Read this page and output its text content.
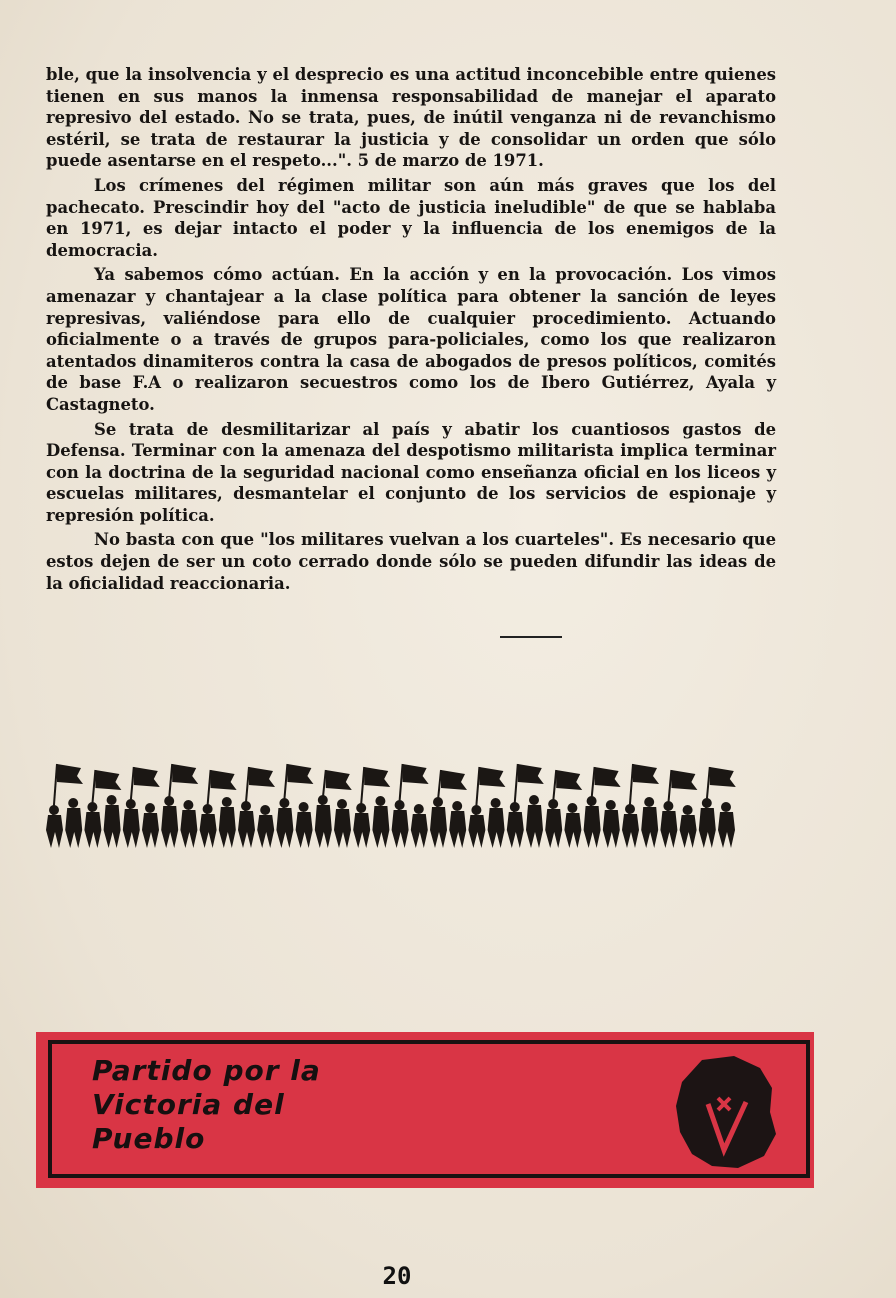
ble, que la insolvencia y el desprecio es una actitud inconcebible entre quienes tienen en sus manos la inmensa responsabilidad de manejar el aparato represivo del estado. No se trata, pues, de inútil venganza ni de revanchismo estéril, se trata de restaurar la justicia y de consolidar un orden que sólo puede asentarse en el respeto...". 5 de marzo de 1971.

Los crímenes del régimen militar son aún más graves que los del pachecato. Prescindir hoy del "acto de justicia ineludible" de que se hablaba en 1971, es dejar intacto el poder y la influencia de los enemigos de la democracia.

Ya sabemos cómo actúan. En la acción y en la provocación. Los vimos amenazar y chantajear a la clase política para obtener la sanción de leyes represivas, valiéndose para ello de cualquier procedimiento. Actuando oficialmente o a través de grupos para-policiales, como los que realizaron atentados dinamiteros contra la casa de abogados de presos políticos, comités de base F.A o realizaron secuestros como los de Ibero Gutiérrez, Ayala y Castagneto.

Se trata de desmilitarizar al país y abatir los cuantiosos gastos de Defensa. Terminar con la amenaza del despotismo militarista implica terminar con la doctrina de la seguridad nacional como enseñanza oficial en los liceos y escuelas militares, desmantelar el conjunto de los servicios de espionaje y represión política.

No basta con que "los militares vuelvan a los cuarteles". Es necesario que estos dejen de ser un coto cerrado donde sólo se pueden difundir las ideas de la oficialidad reaccionaria.

Partido por la
Victoria del
Pueblo
20
